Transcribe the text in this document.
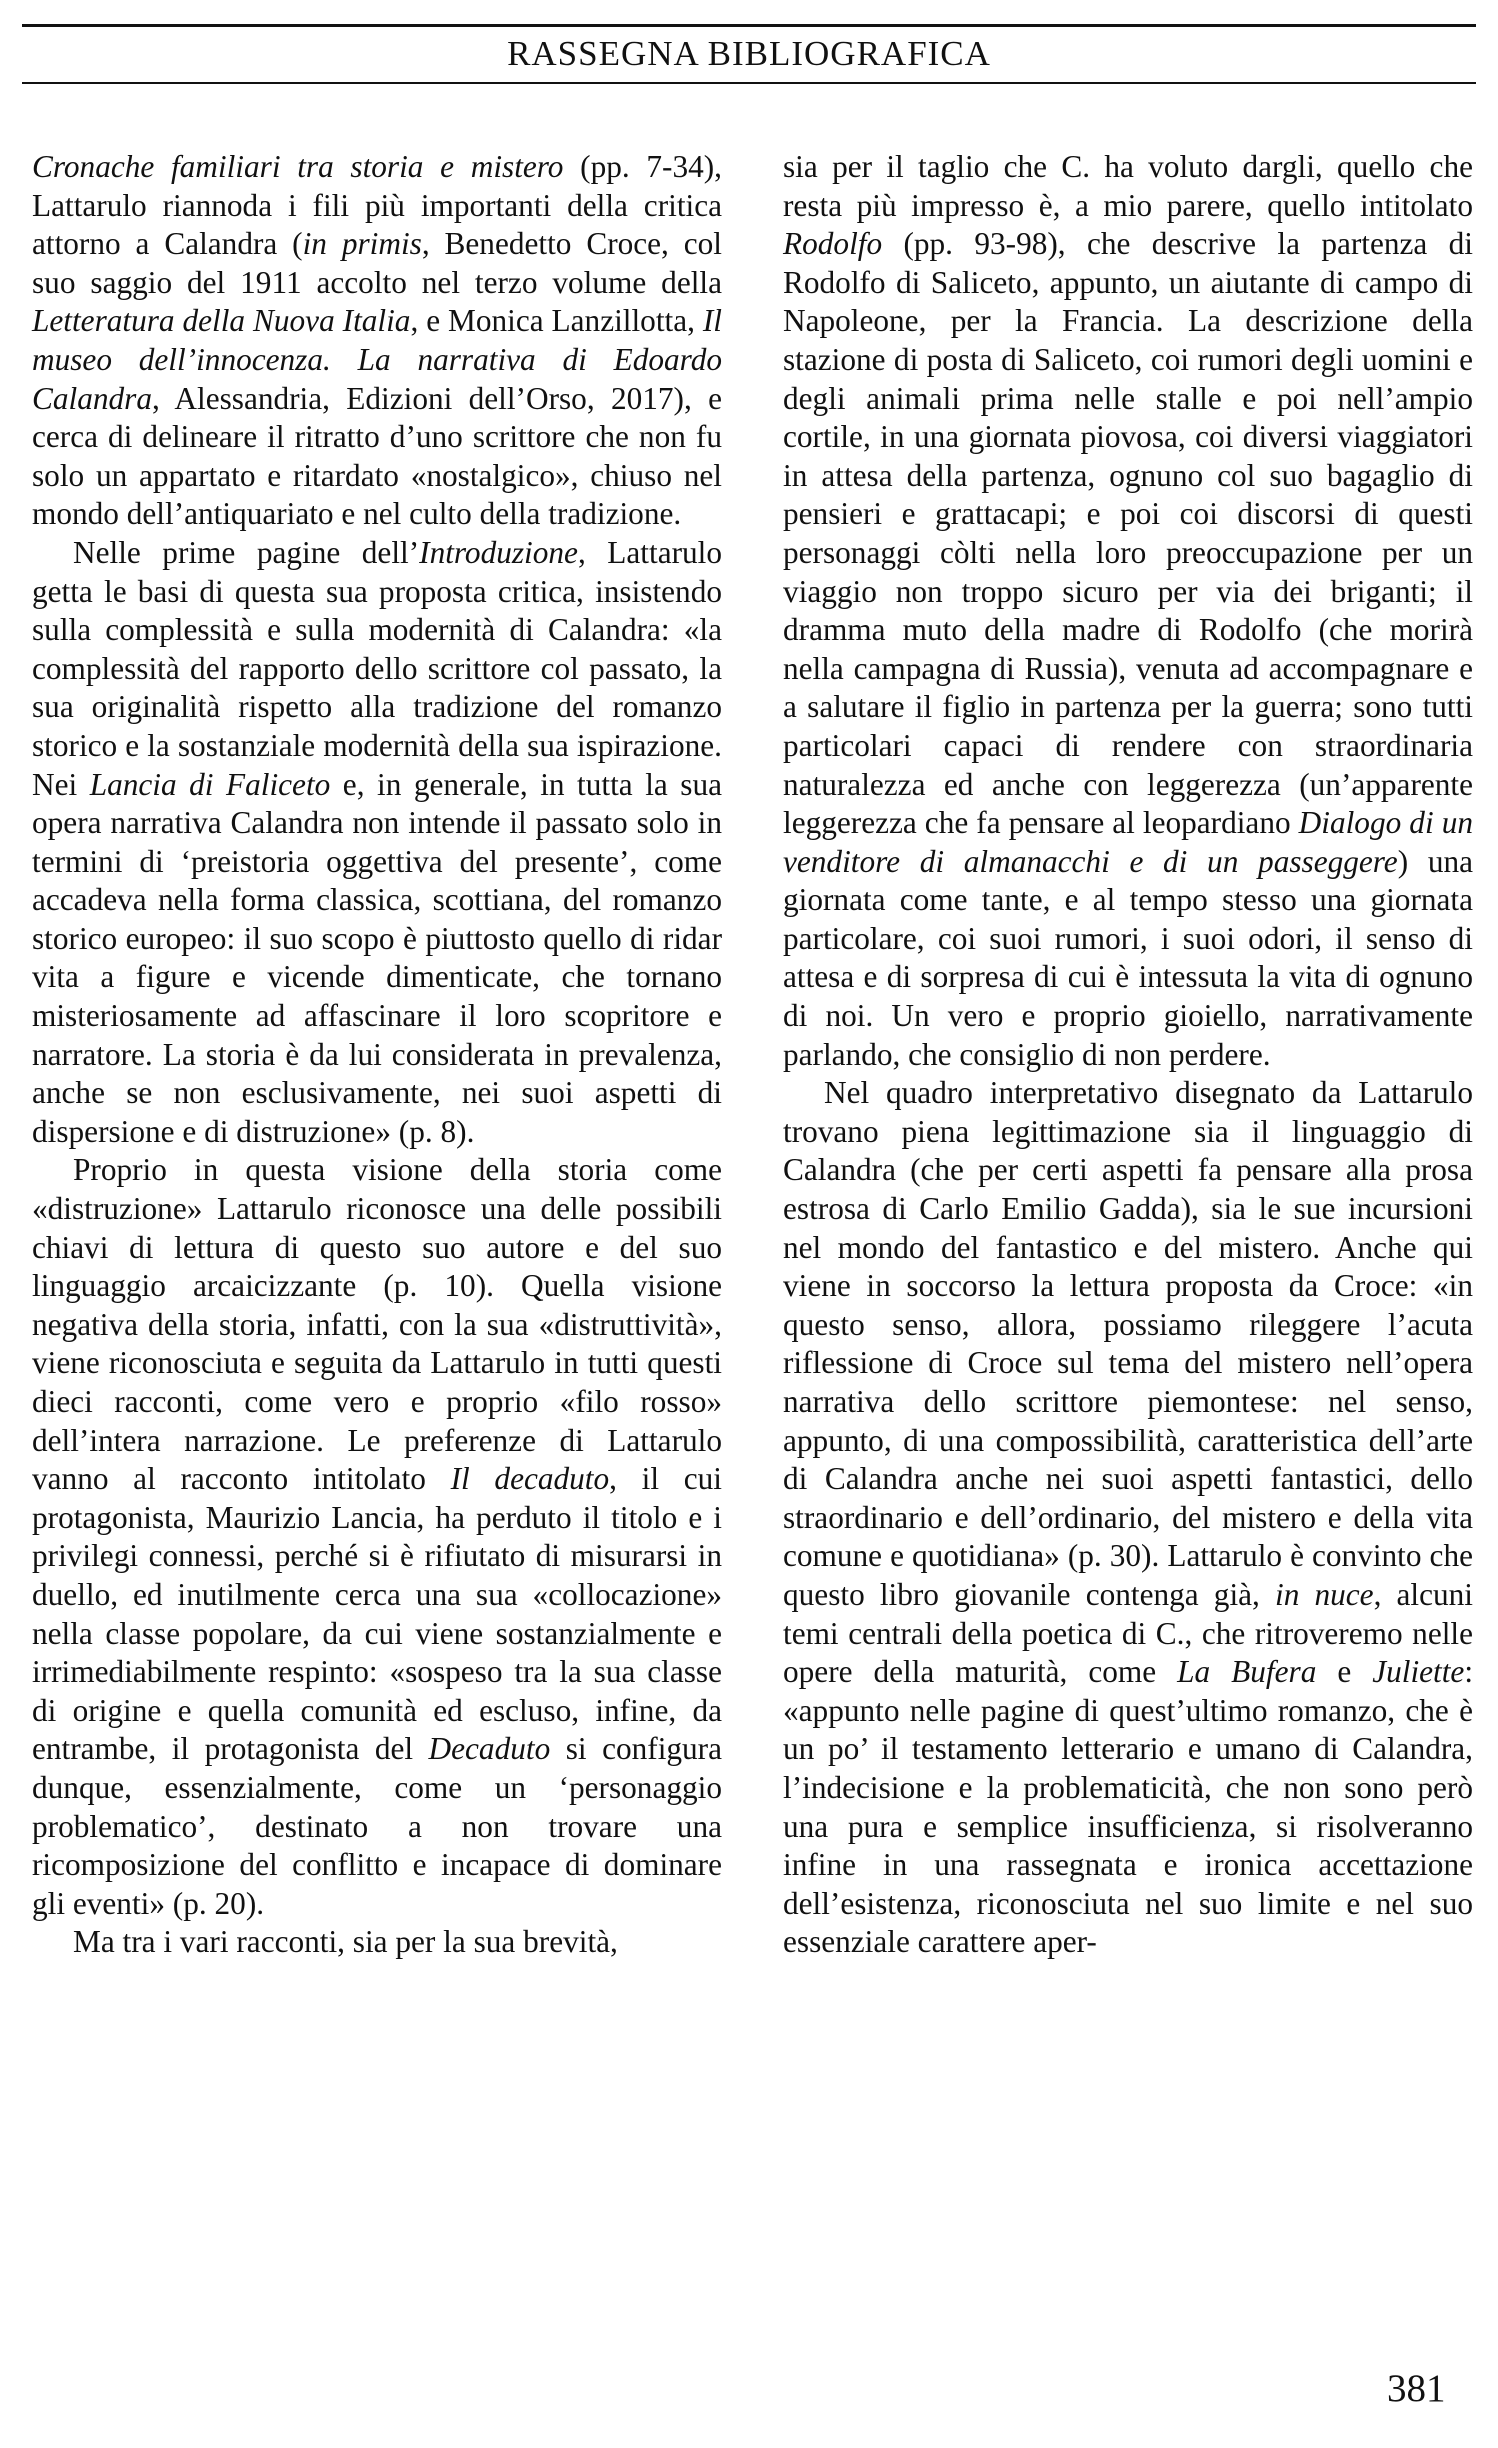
RASSEGNA BIBLIOGRAFICA

Cronache familiari tra storia e mistero (pp. 7-34), Lattarulo riannoda i fili più importanti della critica attorno a Calandra (in primis, Benedetto Croce, col suo saggio del 1911 accolto nel terzo volume della Letteratura della Nuova Italia, e Monica Lanzillotta, Il museo dell’innocenza. La narrativa di Edoardo Calandra, Alessandria, Edizioni dell’Orso, 2017), e cerca di delineare il ritratto d’uno scrittore che non fu solo un appartato e ritardato «nostalgico», chiuso nel mondo dell’antiquariato e nel culto della tradizione.

Nelle prime pagine dell’Introduzione, Lattarulo getta le basi di questa sua proposta critica, insistendo sulla complessità e sulla modernità di Calandra: «la complessità del rapporto dello scrittore col passato, la sua originalità rispetto alla tradizione del romanzo storico e la sostanziale modernità della sua ispirazione. Nei Lancia di Faliceto e, in generale, in tutta la sua opera narrativa Calandra non intende il passato solo in termini di ‘preistoria oggettiva del presente’, come accadeva nella forma classica, scottiana, del romanzo storico europeo: il suo scopo è piuttosto quello di ridar vita a figure e vicende dimenticate, che tornano misteriosamente ad affascinare il loro scopritore e narratore. La storia è da lui considerata in prevalenza, anche se non esclusivamente, nei suoi aspetti di dispersione e di distruzione» (p. 8).

Proprio in questa visione della storia come «distruzione» Lattarulo riconosce una delle possibili chiavi di lettura di questo suo autore e del suo linguaggio arcaicizzante (p. 10). Quella visione negativa della storia, infatti, con la sua «distruttività», viene riconosciuta e seguita da Lattarulo in tutti questi dieci racconti, come vero e proprio «filo rosso» dell’intera narrazione. Le preferenze di Lattarulo vanno al racconto intitolato Il decaduto, il cui protagonista, Maurizio Lancia, ha perduto il titolo e i privilegi connessi, perché si è rifiutato di misurarsi in duello, ed inutilmente cerca una sua «collocazione» nella classe popolare, da cui viene sostanzialmente e irrimediabilmente respinto: «sospeso tra la sua classe di origine e quella comunità ed escluso, infine, da entrambe, il protagonista del Decaduto si configura dunque, essenzialmente, come un ‘personaggio problematico’, destinato a non trovare una ricomposizione del conflitto e incapace di dominare gli eventi» (p. 20).

Ma tra i vari racconti, sia per la sua brevità,

sia per il taglio che C. ha voluto dargli, quello che resta più impresso è, a mio parere, quello intitolato Rodolfo (pp. 93-98), che descrive la partenza di Rodolfo di Saliceto, appunto, un aiutante di campo di Napoleone, per la Francia. La descrizione della stazione di posta di Saliceto, coi rumori degli uomini e degli animali prima nelle stalle e poi nell’ampio cortile, in una giornata piovosa, coi diversi viaggiatori in attesa della partenza, ognuno col suo bagaglio di pensieri e grattacapi; e poi coi discorsi di questi personaggi còlti nella loro preoccupazione per un viaggio non troppo sicuro per via dei briganti; il dramma muto della madre di Rodolfo (che morirà nella campagna di Russia), venuta ad accompagnare e a salutare il figlio in partenza per la guerra; sono tutti particolari capaci di rendere con straordinaria naturalezza ed anche con leggerezza (un’apparente leggerezza che fa pensare al leopardiano Dialogo di un venditore di almanacchi e di un passeggere) una giornata come tante, e al tempo stesso una giornata particolare, coi suoi rumori, i suoi odori, il senso di attesa e di sorpresa di cui è intessuta la vita di ognuno di noi. Un vero e proprio gioiello, narrativamente parlando, che consiglio di non perdere.

Nel quadro interpretativo disegnato da Lattarulo trovano piena legittimazione sia il linguaggio di Calandra (che per certi aspetti fa pensare alla prosa estrosa di Carlo Emilio Gadda), sia le sue incursioni nel mondo del fantastico e del mistero. Anche qui viene in soccorso la lettura proposta da Croce: «in questo senso, allora, possiamo rileggere l’acuta riflessione di Croce sul tema del mistero nell’opera narrativa dello scrittore piemontese: nel senso, appunto, di una compossibilità, caratteristica dell’arte di Calandra anche nei suoi aspetti fantastici, dello straordinario e dell’ordinario, del mistero e della vita comune e quotidiana» (p. 30). Lattarulo è convinto che questo libro giovanile contenga già, in nuce, alcuni temi centrali della poetica di C., che ritroveremo nelle opere della maturità, come La Bufera e Juliette: «appunto nelle pagine di quest’ultimo romanzo, che è un po’ il testamento letterario e umano di Calandra, l’indecisione e la problematicità, che non sono però una pura e semplice insufficienza, si risolveranno infine in una rassegnata e ironica accettazione dell’esistenza, riconosciuta nel suo limite e nel suo essenziale carattere aper-

381
